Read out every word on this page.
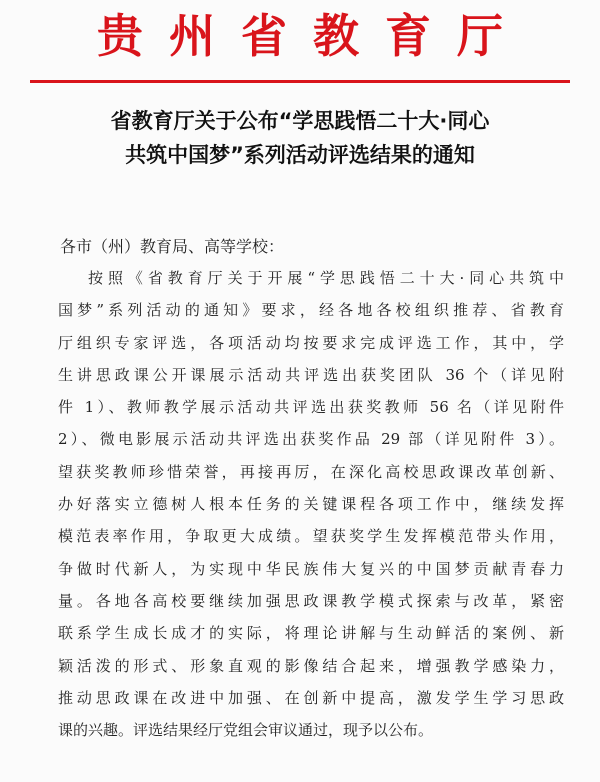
贵州省教育厅
省教育厅关于公布“学思践悟二十大·同心
共筑中国梦”系列活动评选结果的通知
各市（州）教育局、高等学校：
按照《省教育厅关于开展“学思践悟二十大·同心共筑中
国梦”系列活动的通知》要求，经各地各校组织推荐、省教育
厅组织专家评选，各项活动均按要求完成评选工作，其中，学
生讲思政课公开课展示活动共评选出获奖团队 36 个（详见附
件 1）、教师教学展示活动共评选出获奖教师 56 名（详见附件
2）、微电影展示活动共评选出获奖作品 29 部（详见附件 3）。
望获奖教师珍惜荣誉，再接再厉，在深化高校思政课改革创新、
办好落实立德树人根本任务的关键课程各项工作中，继续发挥
模范表率作用，争取更大成绩。望获奖学生发挥模范带头作用，
争做时代新人，为实现中华民族伟大复兴的中国梦贡献青春力
量。各地各高校要继续加强思政课教学模式探索与改革，紧密
联系学生成长成才的实际，将理论讲解与生动鲜活的案例、新
颖活泼的形式、形象直观的影像结合起来，增强教学感染力，
推动思政课在改进中加强、在创新中提高，激发学生学习思政
课的兴趣。评选结果经厅党组会审议通过，现予以公布。
